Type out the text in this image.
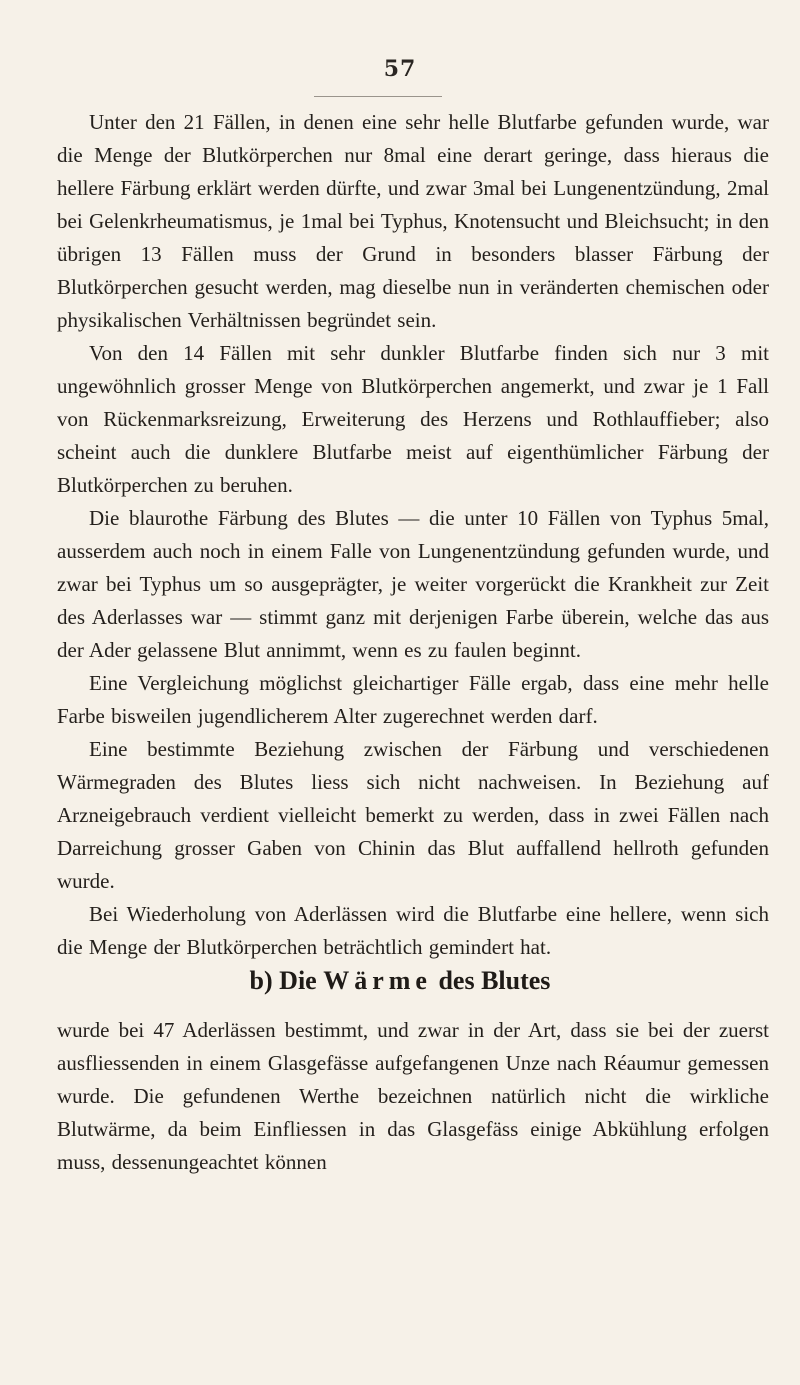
57

Unter den 21 Fällen, in denen eine sehr helle Blutfarbe gefunden wurde, war die Menge der Blutkörperchen nur 8mal eine derart geringe, dass hieraus die hellere Färbung erklärt werden dürfte, und zwar 3mal bei Lungenentzündung, 2mal bei Gelenkrheumatismus, je 1mal bei Typhus, Knotensucht und Bleichsucht; in den übrigen 13 Fällen muss der Grund in besonders blasser Färbung der Blutkörperchen gesucht werden, mag dieselbe nun in veränderten chemischen oder physikalischen Verhältnissen begründet sein.

Von den 14 Fällen mit sehr dunkler Blutfarbe finden sich nur 3 mit ungewöhnlich grosser Menge von Blutkörperchen angemerkt, und zwar je 1 Fall von Rückenmarksreizung, Erweiterung des Herzens und Rothlauffieber; also scheint auch die dunklere Blutfarbe meist auf eigenthümlicher Färbung der Blutkörperchen zu beruhen.

Die blaurothe Färbung des Blutes — die unter 10 Fällen von Typhus 5mal, ausserdem auch noch in einem Falle von Lungenentzündung gefunden wurde, und zwar bei Typhus um so ausgeprägter, je weiter vorgerückt die Krankheit zur Zeit des Aderlasses war — stimmt ganz mit derjenigen Farbe überein, welche das aus der Ader gelassene Blut annimmt, wenn es zu faulen beginnt.

Eine Vergleichung möglichst gleichartiger Fälle ergab, dass eine mehr helle Farbe bisweilen jugendlicherem Alter zugerechnet werden darf.

Eine bestimmte Beziehung zwischen der Färbung und verschiedenen Wärmegraden des Blutes liess sich nicht nachweisen. In Beziehung auf Arzneigebrauch verdient vielleicht bemerkt zu werden, dass in zwei Fällen nach Darreichung grosser Gaben von Chinin das Blut auffallend hellroth gefunden wurde.

Bei Wiederholung von Aderlässen wird die Blutfarbe eine hellere, wenn sich die Menge der Blutkörperchen beträchtlich gemindert hat.

b) Die Wärme des Blutes

wurde bei 47 Aderlässen bestimmt, und zwar in der Art, dass sie bei der zuerst ausfliessenden in einem Glasgefässe aufgefangenen Unze nach Réaumur gemessen wurde. Die gefundenen Werthe bezeichnen natürlich nicht die wirkliche Blutwärme, da beim Einfliessen in das Glasgefäss einige Abkühlung erfolgen muss, dessenungeachtet können
